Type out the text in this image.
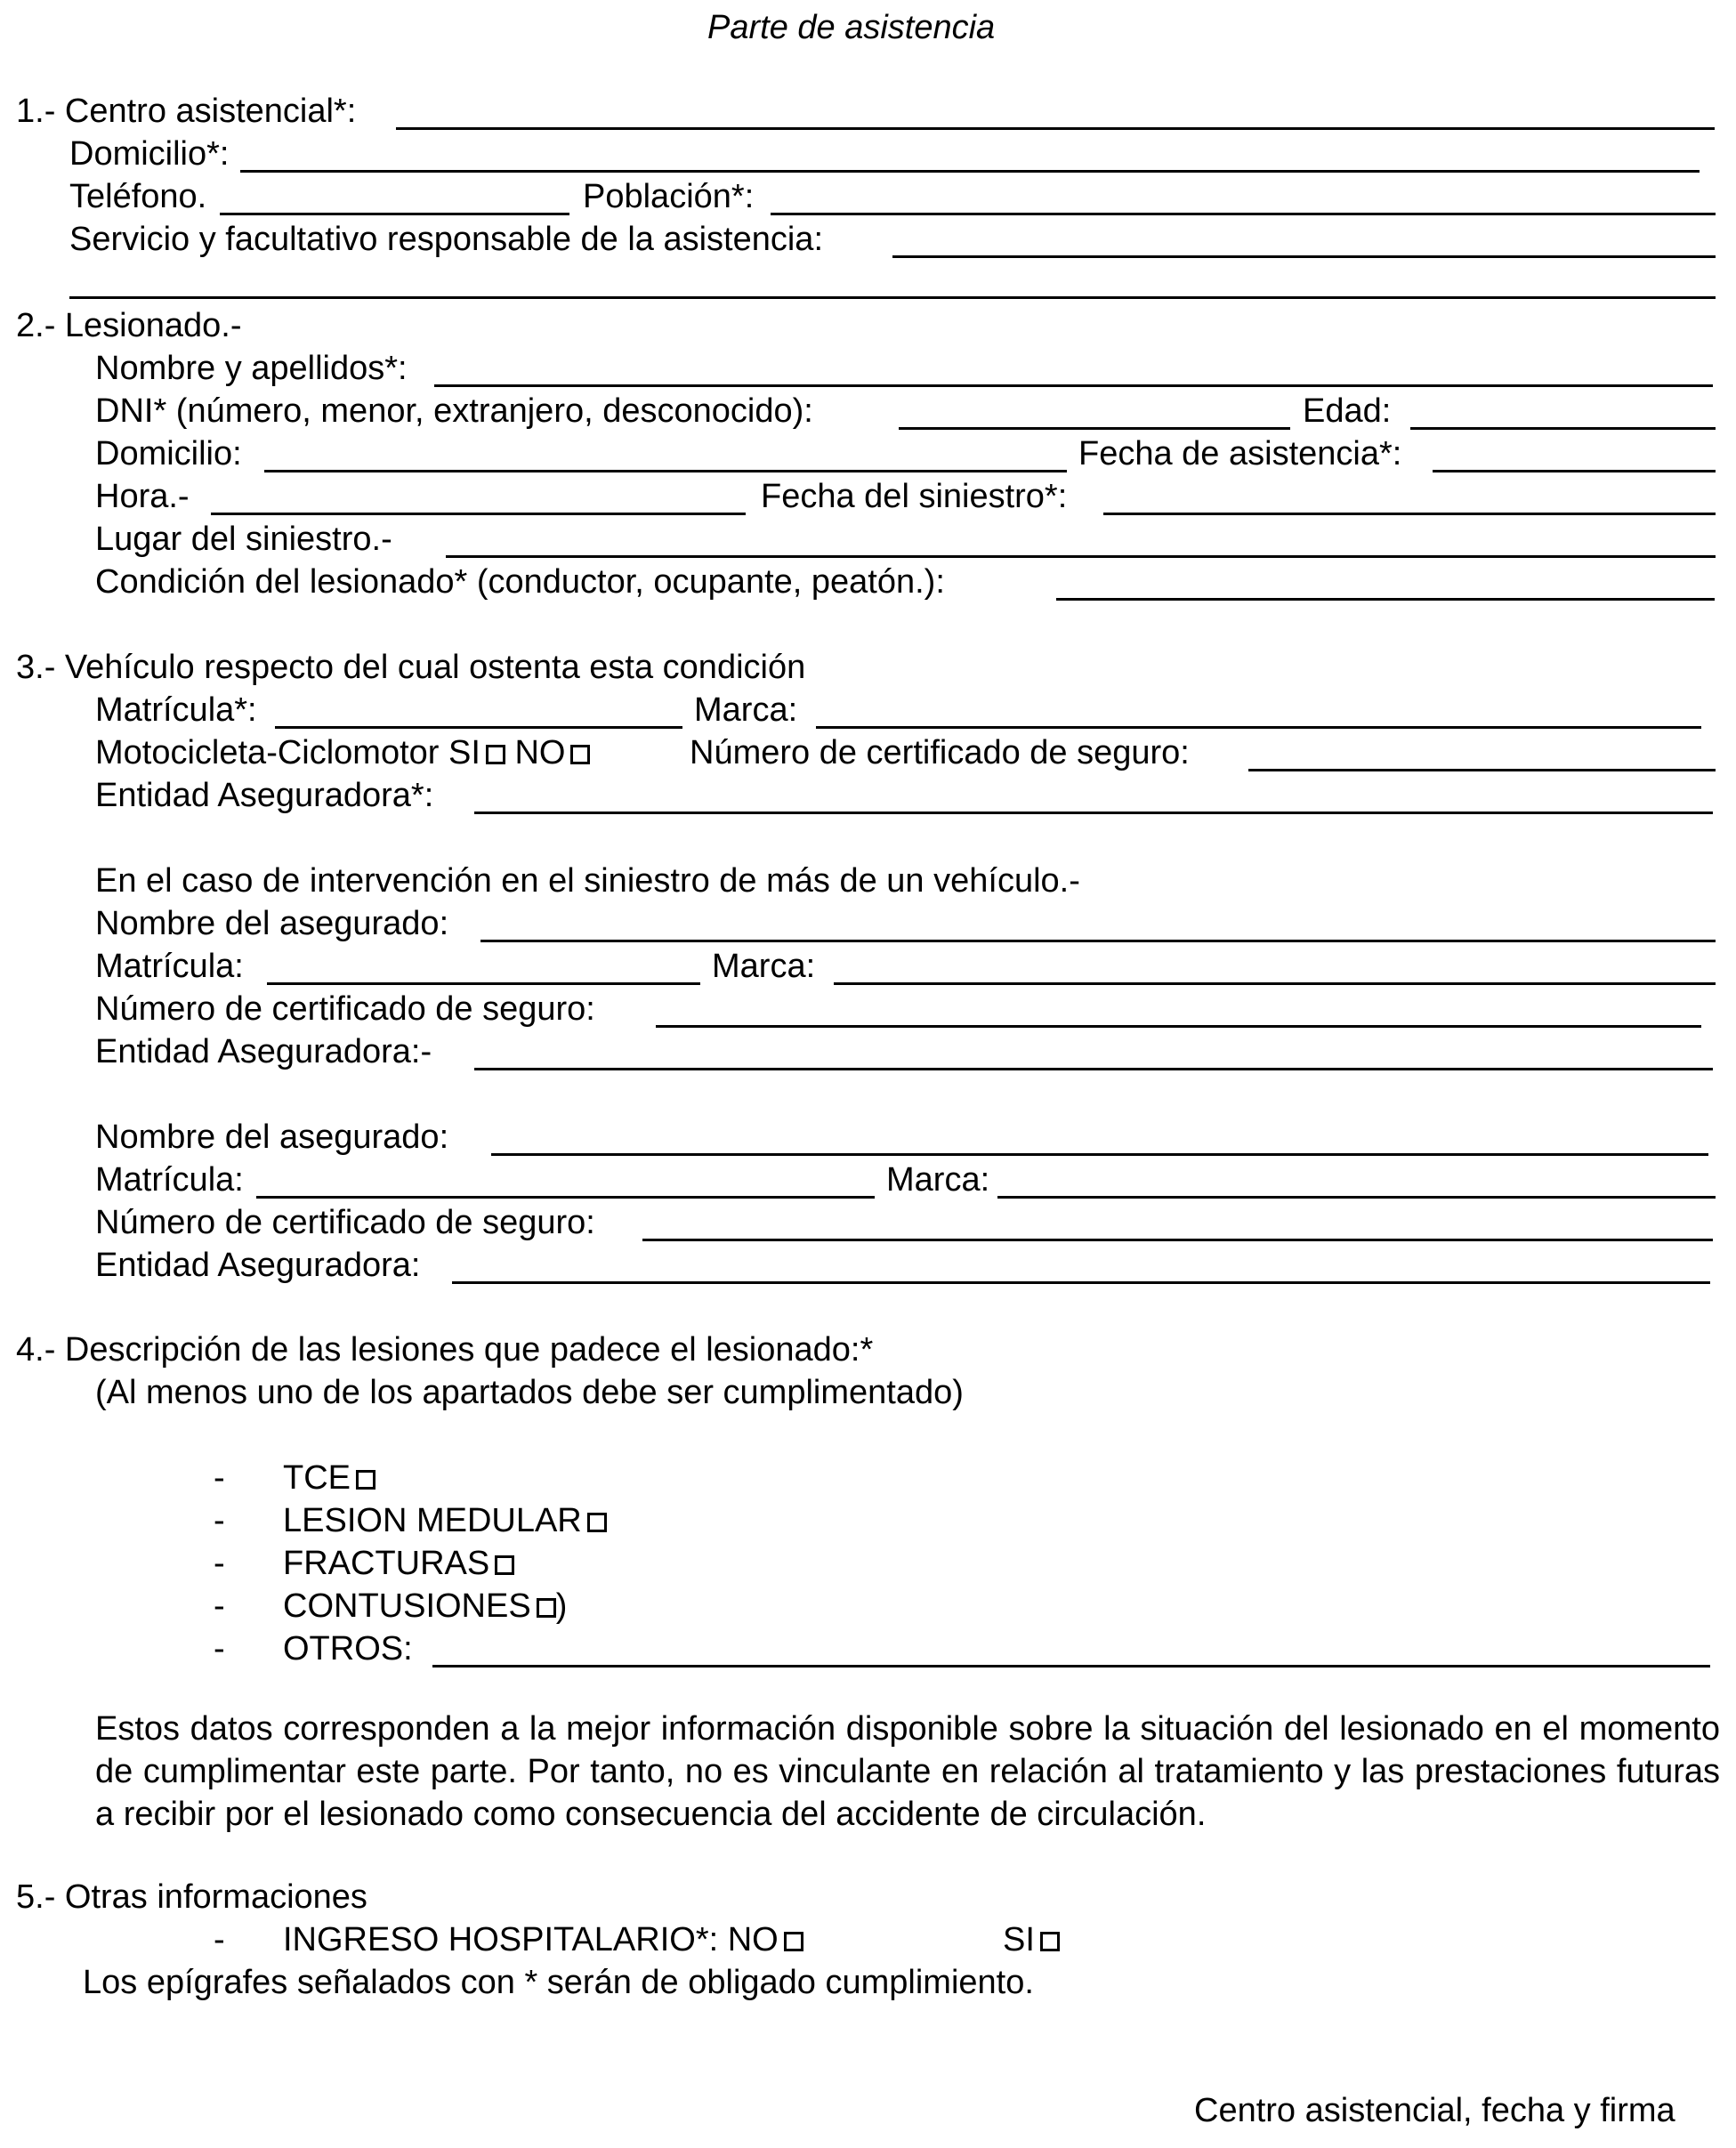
Parte de asistencia
1.- Centro asistencial*:
Domicilio*:
Teléfono.	Población*:
Servicio y facultativo responsable de la asistencia:
2.- Lesionado.-
Nombre y apellidos*:
DNI* (número, menor, extranjero, desconocido):	Edad:
Domicilio:	Fecha de asistencia*:
Hora.-	Fecha del siniestro*:
Lugar del siniestro.-
Condición del lesionado* (conductor, ocupante, peatón.):
3.- Vehículo respecto del cual ostenta esta condición
Matrícula*:	Marca:
Motocicleta-Ciclomotor SI NO	Número de certificado de seguro:
Entidad Aseguradora*:
En el caso de intervención en el siniestro de más de un vehículo.-
Nombre del asegurado:
Matrícula:	Marca:
Número de certificado de seguro:
Entidad Aseguradora:-
Nombre del asegurado:
Matrícula:	Marca:
Número de certificado de seguro:
Entidad Aseguradora:
4.- Descripción de las lesiones que padece el lesionado:*
(Al menos uno de los apartados debe ser cumplimentado)
- TCE
- LESION MEDULAR
- FRACTURAS
- CONTUSIONES )
- OTROS:
Estos datos corresponden a la mejor información disponible sobre la situación del lesionado en el momento de cumplimentar este parte. Por tanto, no es vinculante en relación al tratamiento y las prestaciones futuras a recibir por el lesionado como consecuencia del accidente de circulación.
5.- Otras informaciones
- INGRESO HOSPITALARIO*: NO	SI
Los epígrafes señalados con * serán de obligado cumplimiento.
Centro asistencial, fecha y firma
